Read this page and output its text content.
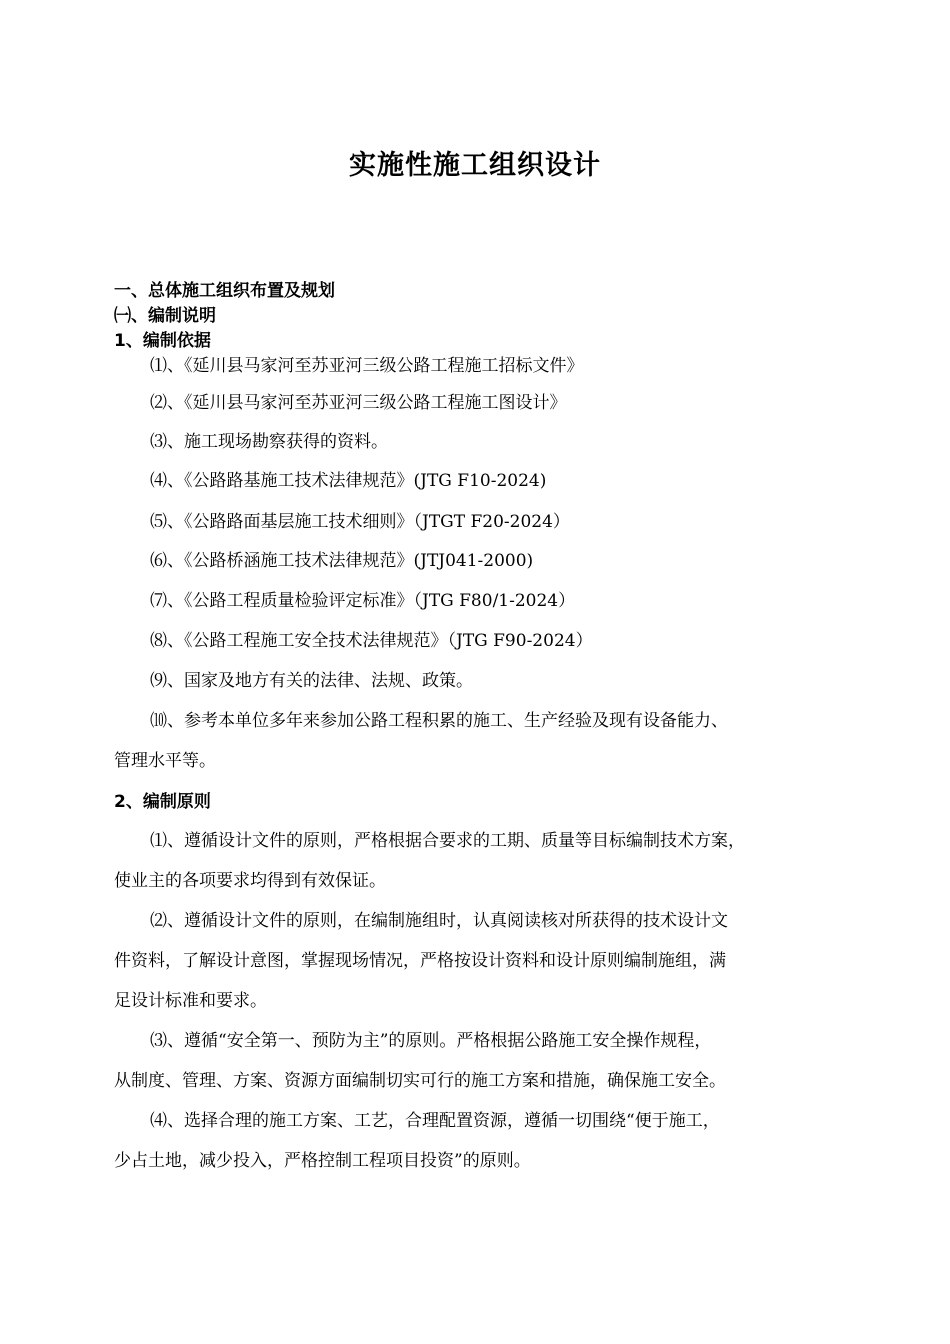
实施性施工组织设计
一、总体施工组织布置及规划
㈠、编制说明
1、编制依据
⑴、《延川县马家河至苏亚河三级公路工程施工招标文件》
⑵、《延川县马家河至苏亚河三级公路工程施工图设计》
⑶、施工现场勘察获得的资料。
⑷、《公路路基施工技术法律规范》(JTG F10-2024)
⑸、《公路路面基层施工技术细则》（JTGT F20-2024）
⑹、《公路桥涵施工技术法律规范》(JTJ041-2000)
⑺、《公路工程质量检验评定标准》（JTG F80/1-2024）
⑻、《公路工程施工安全技术法律规范》（JTG F90-2024）
⑼、国家及地方有关的法律、法规、政策。
⑽、参考本单位多年来参加公路工程积累的施工、生产经验及现有设备能力、
管理水平等。
2、编制原则
⑴、遵循设计文件的原则，严格根据合要求的工期、质量等目标编制技术方案，
使业主的各项要求均得到有效保证。
⑵、遵循设计文件的原则，在编制施组时，认真阅读核对所获得的技术设计文
件资料，了解设计意图，掌握现场情况，严格按设计资料和设计原则编制施组，满
足设计标准和要求。
⑶、遵循“安全第一、预防为主”的原则。严格根据公路施工安全操作规程，
从制度、管理、方案、资源方面编制切实可行的施工方案和措施，确保施工安全。
⑷、选择合理的施工方案、工艺，合理配置资源，遵循一切围绕“便于施工，
少占土地，减少投入，严格控制工程项目投资”的原则。
